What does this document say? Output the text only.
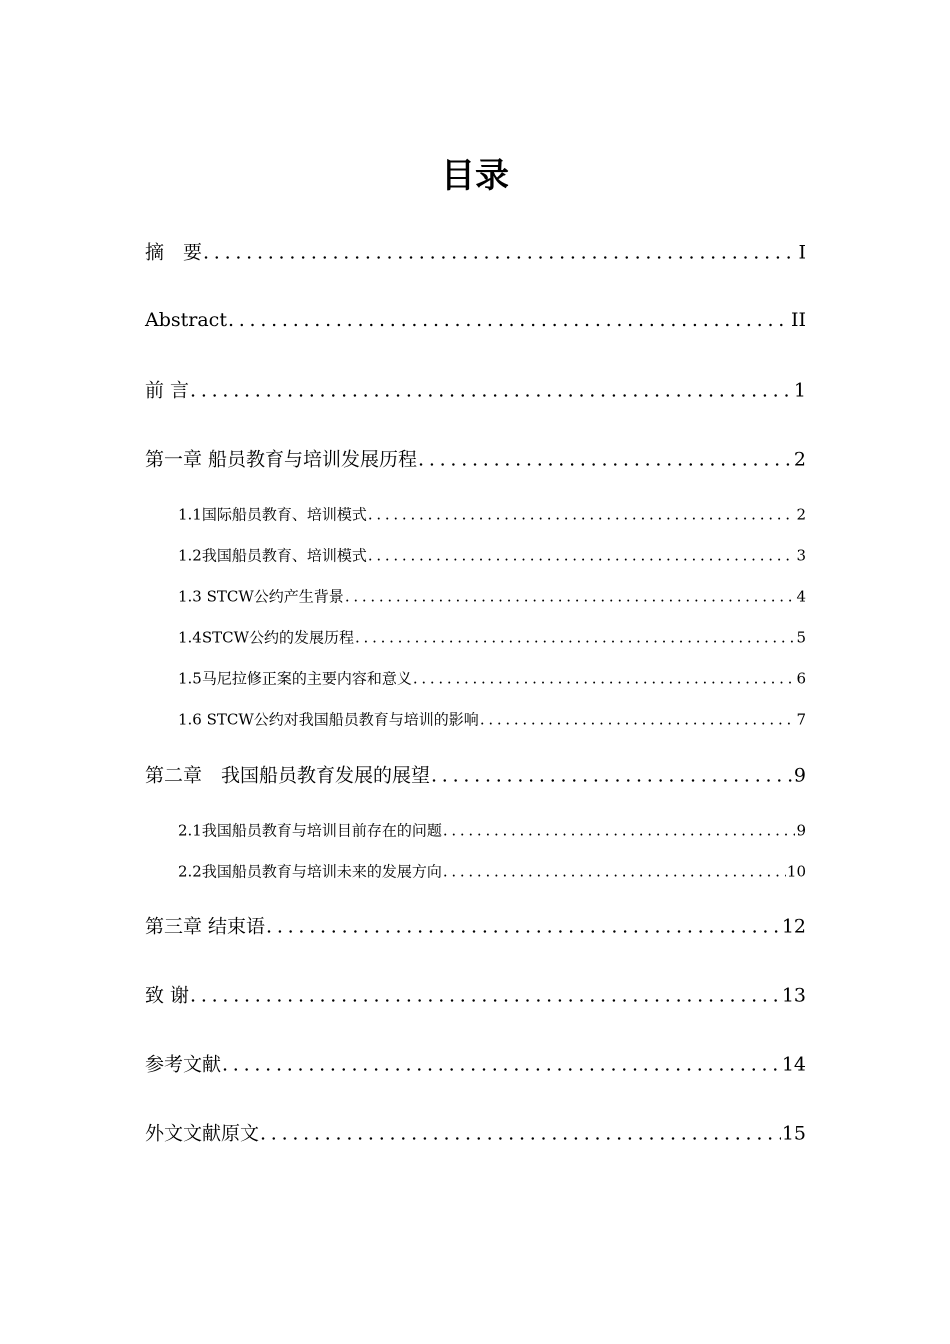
目录
摘　要 .....	I
Abstract .....	II
前 言 .....	1
第一章 船员教育与培训发展历程 .....	2
1.1国际船员教育、培训模式 .....	2
1.2我国船员教育、培训模式 .....	3
1.3 STCW公约产生背景 .....	4
1.4STCW公约的发展历程 .....	5
1.5马尼拉修正案的主要内容和意义 .....	6
1.6 STCW公约对我国船员教育与培训的影响 .....	7
第二章　我国船员教育发展的展望 .....	9
2.1我国船员教育与培训目前存在的问题 .....	9
2.2我国船员教育与培训未来的发展方向 .....	10
第三章 结束语 .....	12
致 谢 .....	13
参考文献 .....	14
外文文献原文 .....	15
